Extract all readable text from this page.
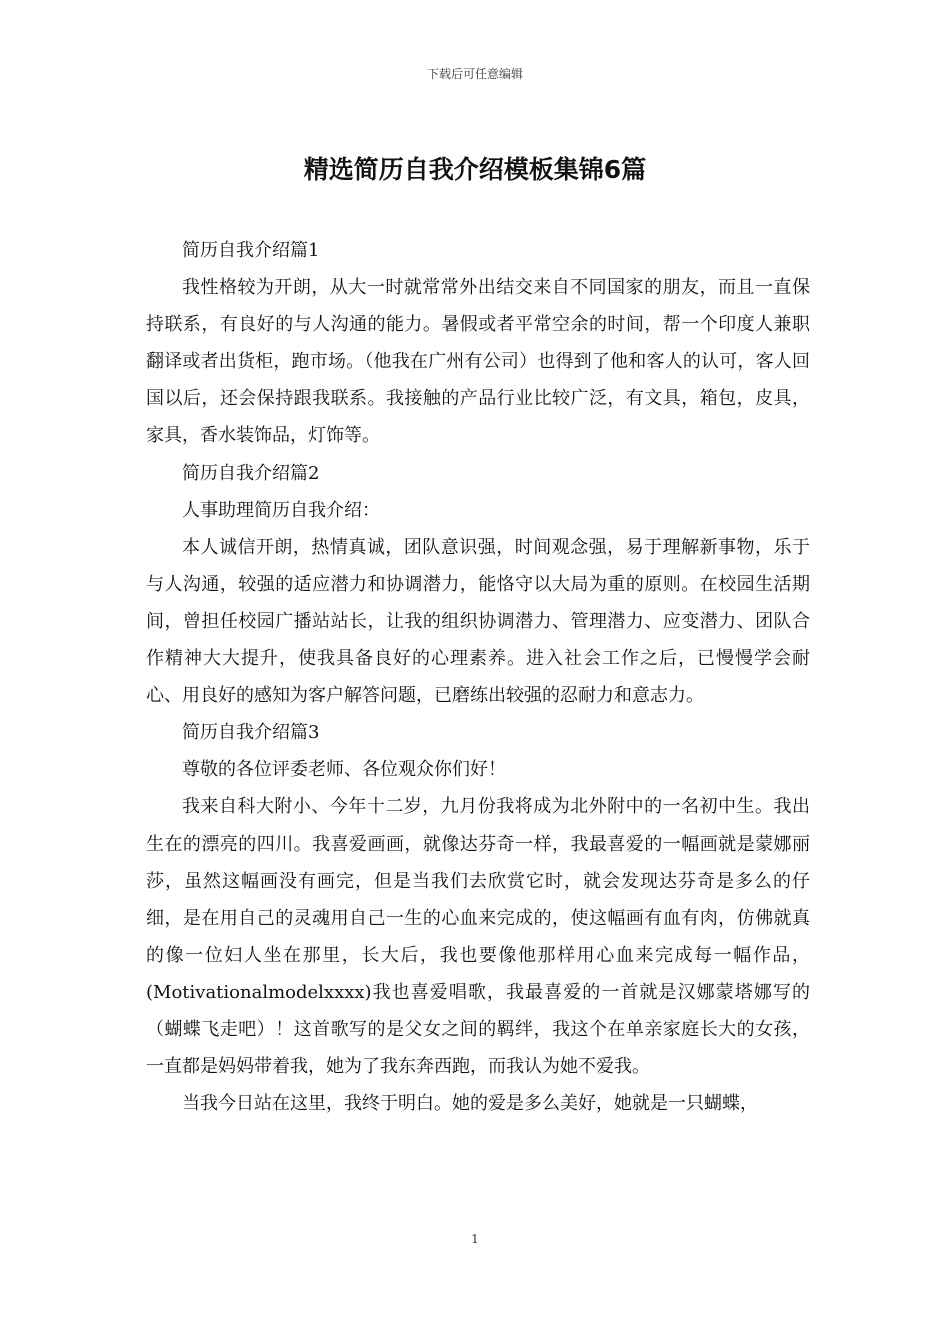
下载后可任意编辑
精选简历自我介绍模板集锦6篇

简历自我介绍篇1

我性格较为开朗，从大一时就常常外出结交来自不同国家的朋友，而且一直保持联系，有良好的与人沟通的能力。暑假或者平常空余的时间，帮一个印度人兼职翻译或者出货柜，跑市场。（他我在广州有公司）也得到了他和客人的认可，客人回国以后，还会保持跟我联系。我接触的产品行业比较广泛，有文具，箱包，皮具，家具，香水装饰品，灯饰等。

简历自我介绍篇2

人事助理简历自我介绍：

本人诚信开朗，热情真诚，团队意识强，时间观念强，易于理解新事物，乐于与人沟通，较强的适应潜力和协调潜力，能恪守以大局为重的原则。在校园生活期间，曾担任校园广播站站长，让我的组织协调潜力、管理潜力、应变潜力、团队合作精神大大提升，使我具备良好的心理素养。进入社会工作之后，已慢慢学会耐心、用良好的感知为客户解答问题，已磨练出较强的忍耐力和意志力。

简历自我介绍篇3

尊敬的各位评委老师、各位观众你们好！

我来自科大附小、今年十二岁，九月份我将成为北外附中的一名初中生。我出生在的漂亮的四川。我喜爱画画，就像达芬奇一样，我最喜爱的一幅画就是蒙娜丽莎，虽然这幅画没有画完，但是当我们去欣赏它时，就会发现达芬奇是多么的仔细，是在用自己的灵魂用自己一生的心血来完成的，使这幅画有血有肉，仿佛就真的像一位妇人坐在那里，长大后，我也要像他那样用心血来完成每一幅作品，(Motivationalmodelxxxx)我也喜爱唱歌，我最喜爱的一首就是汉娜蒙塔娜写的（蝴蝶飞走吧）！这首歌写的是父女之间的羁绊，我这个在单亲家庭长大的女孩，一直都是妈妈带着我，她为了我东奔西跑，而我认为她不爱我。

当我今日站在这里，我终于明白。她的爱是多么美好，她就是一只蝴蝶，

1
